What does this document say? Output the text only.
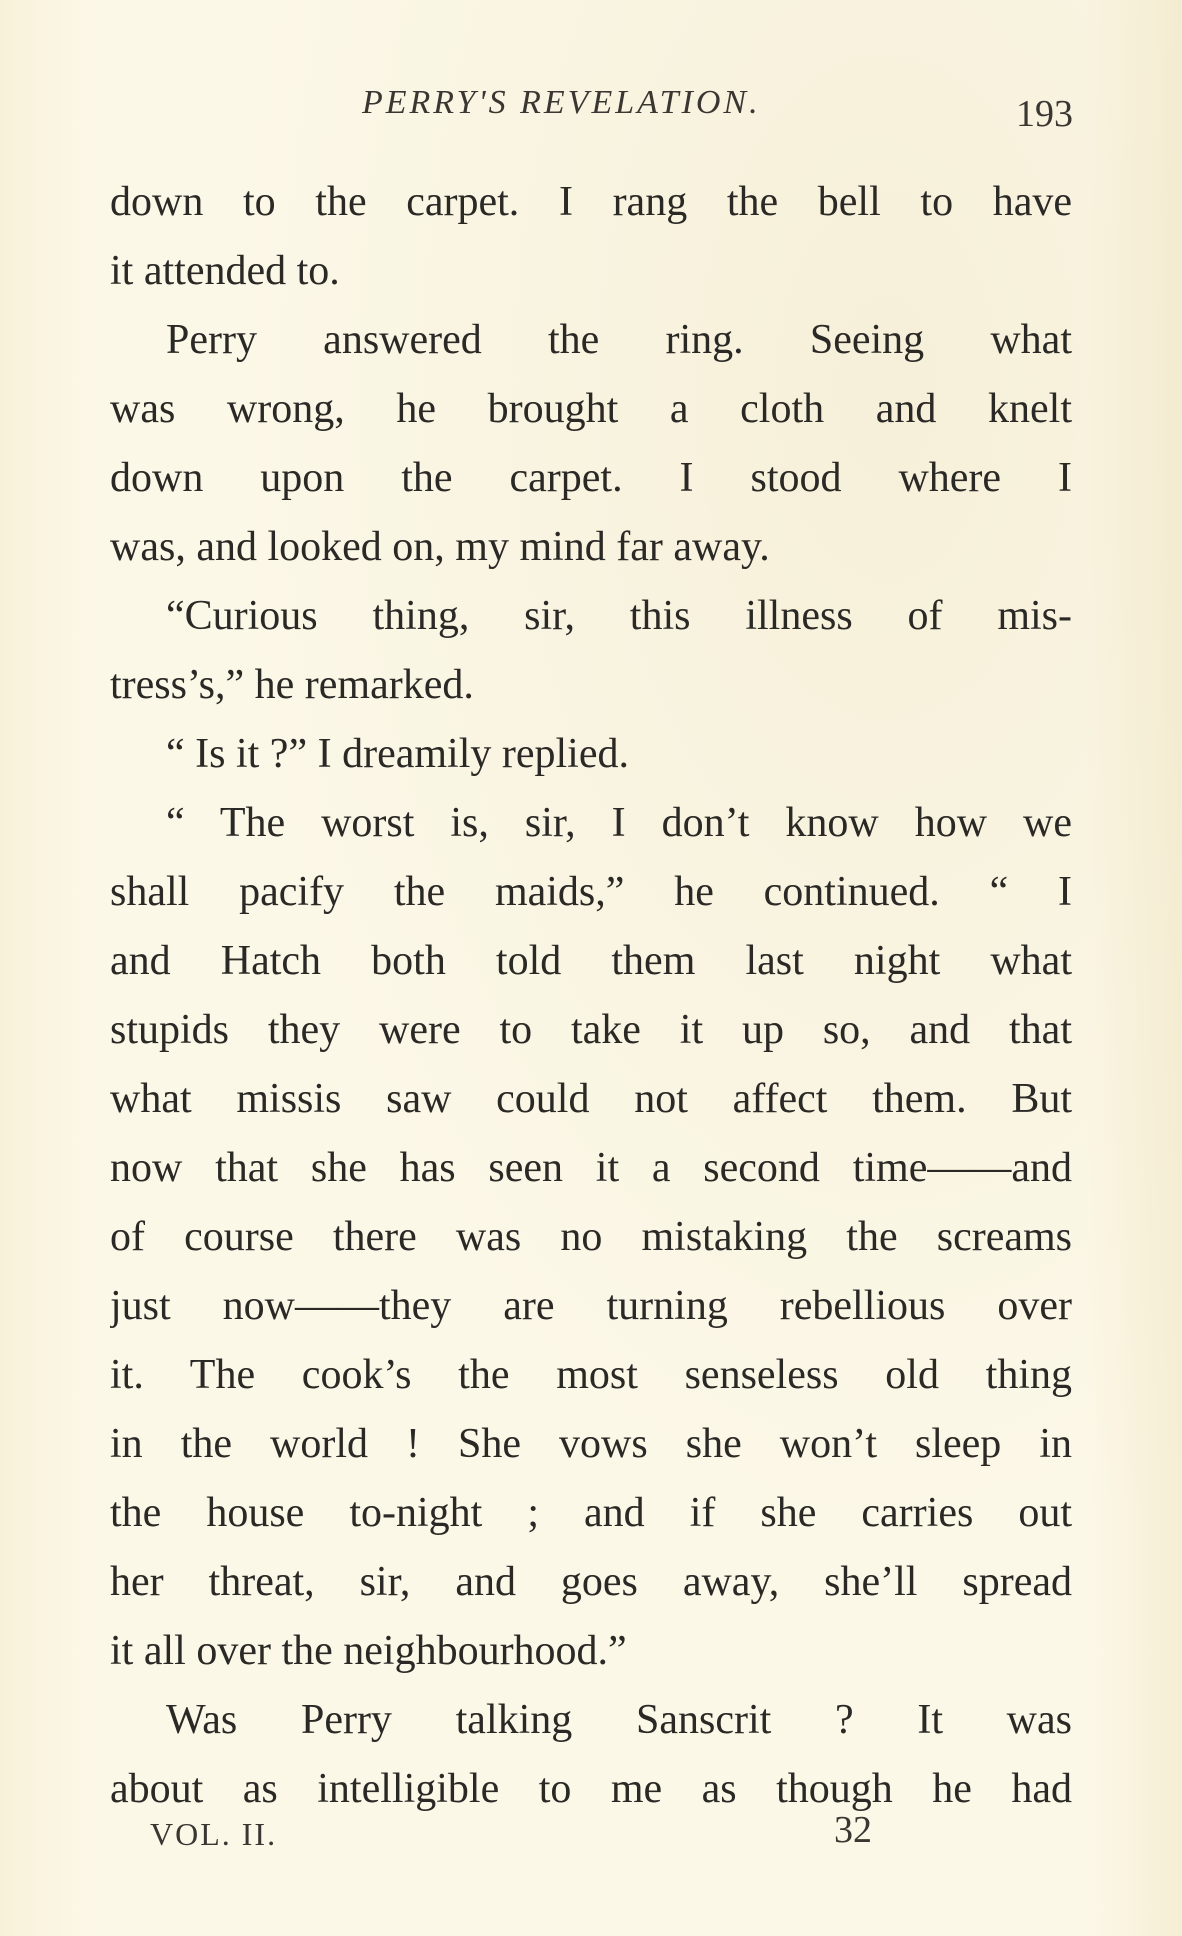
PERRY'S REVELATION.	193
down to the carpet. I rang the bell to have
it attended to.
Perry answered the ring. Seeing what
was wrong, he brought a cloth and knelt
down upon the carpet. I stood where I
was, and looked on, my mind far away.
“Curious thing, sir, this illness of mis-
tress’s,” he remarked.
“ Is it ?” I dreamily replied.
“ The worst is, sir, I don’t know how we
shall pacify the maids,” he continued. “ I
and Hatch both told them last night what
stupids they were to take it up so, and that
what missis saw could not affect them. But
now that she has seen it a second time——and
of course there was no mistaking the screams
just now——they are turning rebellious over
it. The cook’s the most senseless old thing
in the world ! She vows she won’t sleep in
the house to-night ; and if she carries out
her threat, sir, and goes away, she’ll spread
it all over the neighbourhood.”
Was Perry talking Sanscrit ? It was
about as intelligible to me as though he had
VOL. II.	32
